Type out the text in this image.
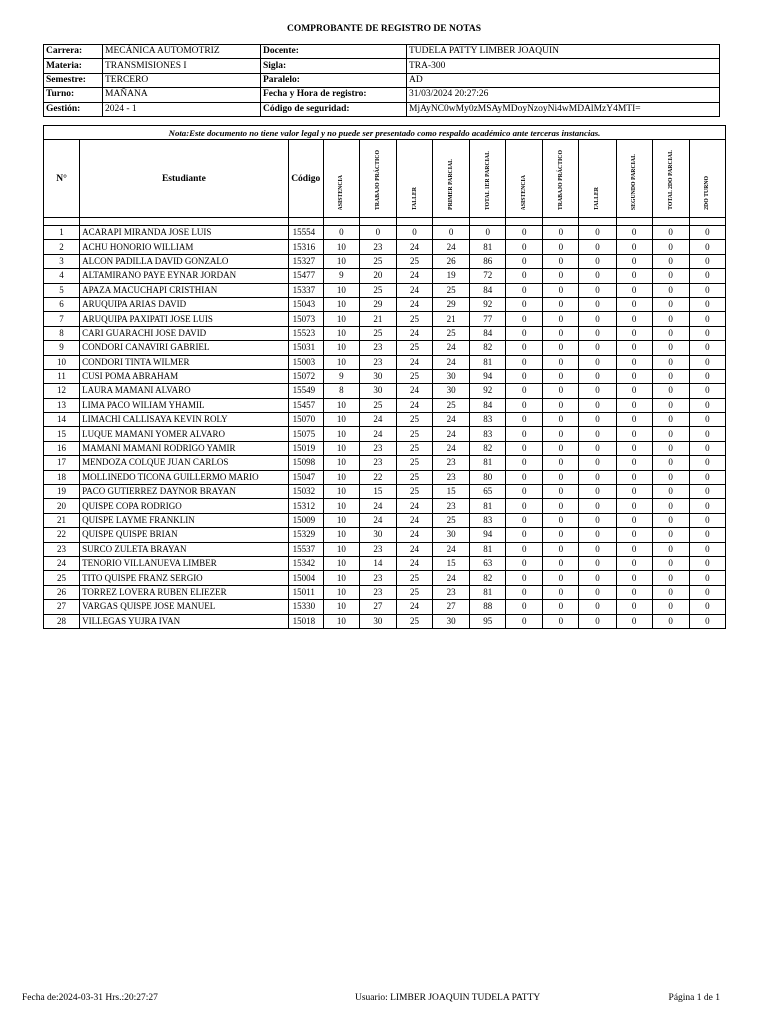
COMPROBANTE DE REGISTRO DE NOTAS
Carrera:	MECÁNICA AUTOMOTRIZ	Docente:	TUDELA PATTY LIMBER JOAQUIN
Materia:	TRANSMISIONES I	Sigla:	TRA-300
Semestre:	TERCERO	Paralelo:	AD
Turno:	MAÑANA	Fecha y Hora de registro:	31/03/2024 20:27:26
Gestión:	2024 - 1	Código de seguridad:	MjAyNC0wMy0zMSAyMDoyNzoyNi4wMDAlMzY4MTI=
Nota:Este documento no tiene valor legal y no puede ser presentado como respaldo académico ante terceras instancias.													
N°	Estudiante	Código	ASISTENCIA	TRABAJO PRÁCTICO	TALLER	PRIMER PARCIAL	TOTAL 1ER PARCIAL	ASISTENCIA	TRABAJO PRÁCTICO	TALLER	SEGUNDO PARCIAL	TOTAL 2DO PARCIAL	2DO TURNO

1	ACARAPI MIRANDA JOSE LUIS	15554	0	0	0	0	0	0	0	0	0	0	0
2	ACHU HONORIO WILLIAM	15316	10	23	24	24	81	0	0	0	0	0	0
3	ALCON PADILLA DAVID GONZALO	15327	10	25	25	26	86	0	0	0	0	0	0
4	ALTAMIRANO PAYE EYNAR JORDAN	15477	9	20	24	19	72	0	0	0	0	0	0
5	APAZA MACUCHAPI CRISTHIAN	15337	10	25	24	25	84	0	0	0	0	0	0
6	ARUQUIPA ARIAS DAVID	15043	10	29	24	29	92	0	0	0	0	0	0
7	ARUQUIPA PAXIPATI JOSE LUIS	15073	10	21	25	21	77	0	0	0	0	0	0
8	CARI GUARACHI JOSE DAVID	15523	10	25	24	25	84	0	0	0	0	0	0
9	CONDORI CANAVIRI GABRIEL	15031	10	23	25	24	82	0	0	0	0	0	0
10	CONDORI TINTA WILMER	15003	10	23	24	24	81	0	0	0	0	0	0
11	CUSI POMA ABRAHAM	15072	9	30	25	30	94	0	0	0	0	0	0
12	LAURA MAMANI ALVARO	15549	8	30	24	30	92	0	0	0	0	0	0
13	LIMA PACO WILIAM YHAMIL	15457	10	25	24	25	84	0	0	0	0	0	0
14	LIMACHI CALLISAYA KEVIN ROLY	15070	10	24	25	24	83	0	0	0	0	0	0
15	LUQUE MAMANI YOMER ALVARO	15075	10	24	25	24	83	0	0	0	0	0	0
16	MAMANI MAMANI RODRIGO YAMIR	15019	10	23	25	24	82	0	0	0	0	0	0
17	MENDOZA COLQUE JUAN CARLOS	15098	10	23	25	23	81	0	0	0	0	0	0
18	MOLLINEDO TICONA GUILLERMO MARIO	15047	10	22	25	23	80	0	0	0	0	0	0
19	PACO GUTIERREZ DAYNOR BRAYAN	15032	10	15	25	15	65	0	0	0	0	0	0
20	QUISPE COPA RODRIGO	15312	10	24	24	23	81	0	0	0	0	0	0
21	QUISPE LAYME FRANKLIN	15009	10	24	24	25	83	0	0	0	0	0	0
22	QUISPE QUISPE BRIAN	15329	10	30	24	30	94	0	0	0	0	0	0
23	SURCO ZULETA BRAYAN	15537	10	23	24	24	81	0	0	0	0	0	0
24	TENORIO VILLANUEVA LIMBER	15342	10	14	24	15	63	0	0	0	0	0	0
25	TITO QUISPE FRANZ SERGIO	15004	10	23	25	24	82	0	0	0	0	0	0
26	TORREZ LOVERA RUBEN ELIEZER	15011	10	23	25	23	81	0	0	0	0	0	0
27	VARGAS QUISPE JOSE MANUEL	15330	10	27	24	27	88	0	0	0	0	0	0
28	VILLEGAS YUJRA IVAN	15018	10	30	25	30	95	0	0	0	0	0	0
Fecha de:2024-03-31 Hrs.:20:27:27	Usuario: LIMBER JOAQUIN TUDELA PATTY	Página 1 de 1
